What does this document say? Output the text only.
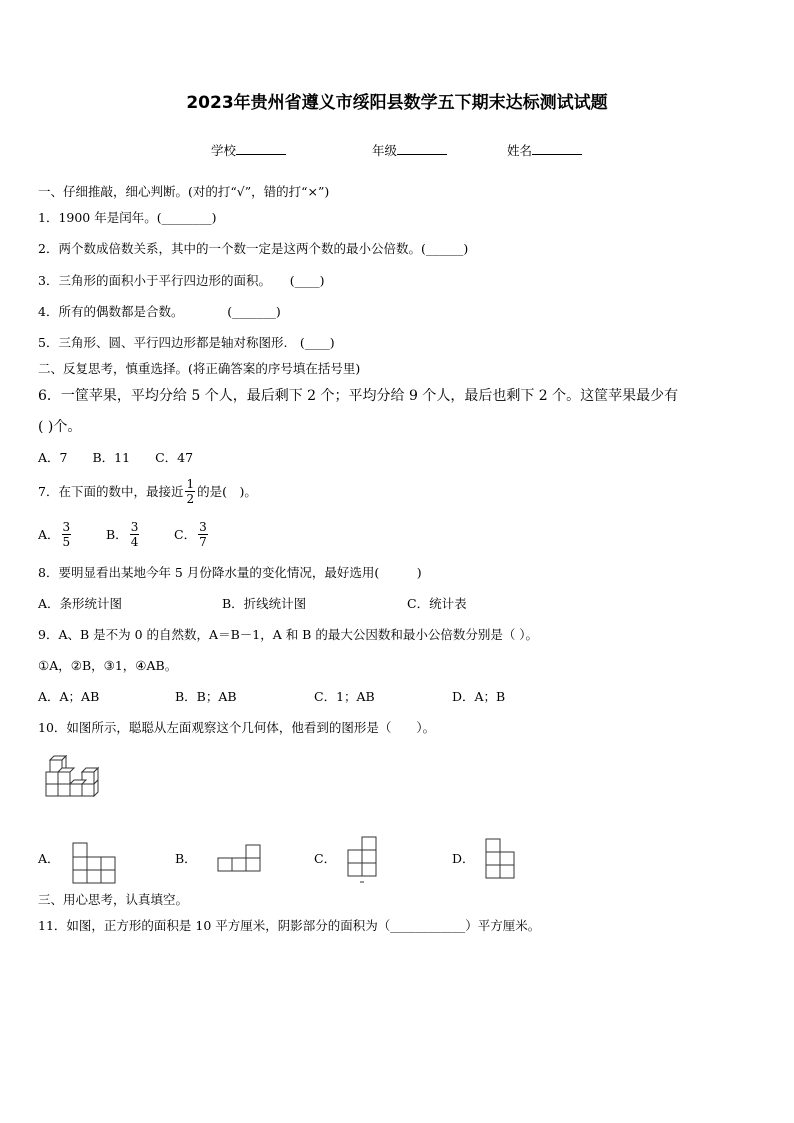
2023年贵州省遵义市绥阳县数学五下期末达标测试试题
学校	年级	姓名
一、仔细推敲，细心判断。(对的打“√”，错的打“×”)
1．1900 年是闰年。(________)
2．两个数成倍数关系，其中的一个数一定是这两个数的最小公倍数。(______)
3．三角形的面积小于平行四边形的面积。　　(____)
4．所有的偶数都是合数。　　　　(_______)
5．三角形、圆、平行四边形都是轴对称图形.　(____)
二、反复思考，慎重选择。(将正确答案的序号填在括号里)
6．一筐苹果，平均分给 5 个人，最后剩下 2 个；平均分给 9 个人，最后也剩下 2 个。这筐苹果最少有
( )个。
A．7　　B．11　　C．47
7．在下面的数中，最接近 $\frac{1}{2}$ 的是(　)。
A． $\frac{3}{5}$	B． $\frac{3}{4}$	C． $\frac{3}{7}$
8．要明显看出某地今年 5 月份降水量的变化情况，最好选用(　　　)
A．条形统计图	B．折线统计图	C．统计表
9．A、B 是不为 0 的自然数，A＝B－1，A 和 B 的最大公因数和最小公倍数分别是（ ）。
①A，②B，③1，④AB。
A．A；AB	B．B；AB	C．1；AB	D．A；B
10．如图所示，聪聪从左面观察这个几何体，他看到的图形是（　　）。
A．	B．	C．	D．
三、用心思考，认真填空。
11．如图，正方形的面积是 10 平方厘米，阴影部分的面积为（____________）平方厘米。
